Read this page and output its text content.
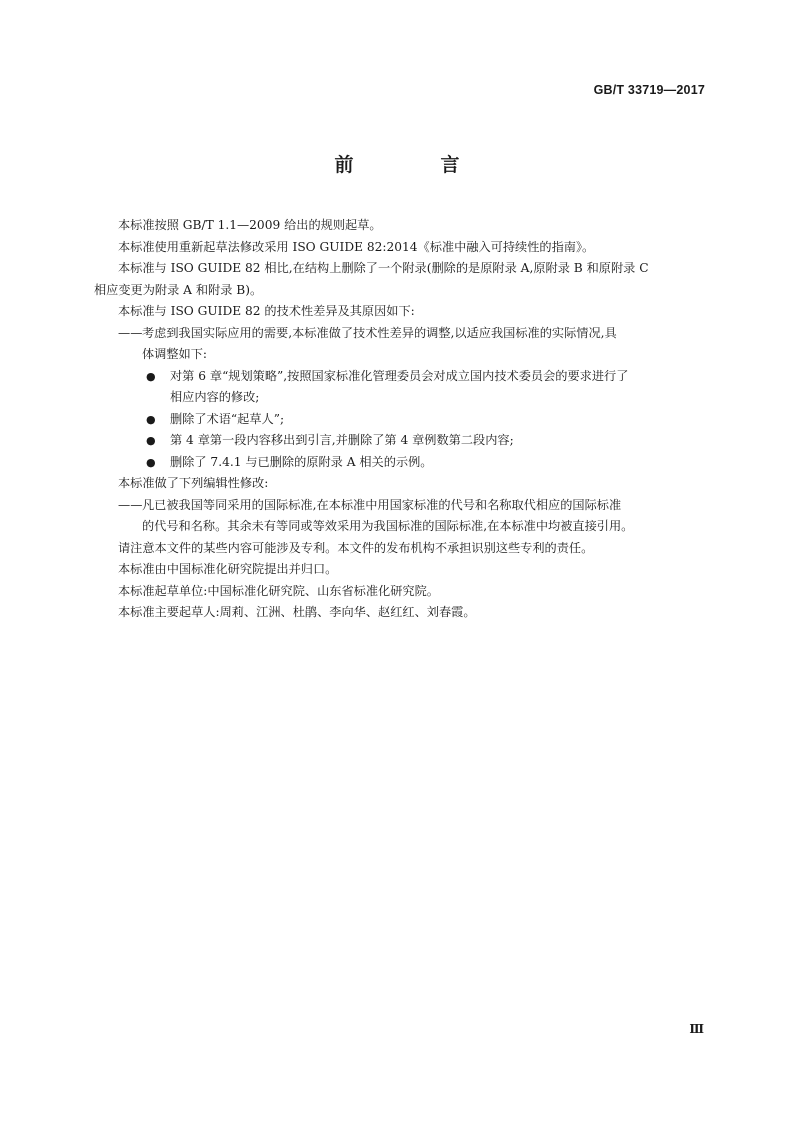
GB/T 33719—2017
前　言

本标准按照 GB/T 1.1—2009 给出的规则起草。

本标准使用重新起草法修改采用 ISO GUIDE 82:2014《标准中融入可持续性的指南》。

本标准与 ISO GUIDE 82 相比,在结构上删除了一个附录(删除的是原附录 A,原附录 B 和原附录 C

相应变更为附录 A 和附录 B)。

本标准与 ISO GUIDE 82 的技术性差异及其原因如下:

—— 考虑到我国实际应用的需要,本标准做了技术性差异的调整,以适应我国标准的实际情况,具
体调整如下:
● 对第 6 章“规划策略”,按照国家标准化管理委员会对成立国内技术委员会的要求进行了
相应内容的修改;
● 删除了术语“起草人”;
● 第 4 章第一段内容移出到引言,并删除了第 4 章例数第二段内容;
● 删除了 7.4.1 与已删除的原附录 A 相关的示例。

本标准做了下列编辑性修改:

—— 凡已被我国等同采用的国际标准,在本标准中用国家标准的代号和名称取代相应的国际标准
的代号和名称。其余未有等同或等效采用为我国标准的国际标准,在本标准中均被直接引用。

请注意本文件的某些内容可能涉及专利。本文件的发布机构不承担识别这些专利的责任。

本标准由中国标准化研究院提出并归口。

本标准起草单位:中国标准化研究院、山东省标准化研究院。

本标准主要起草人:周莉、江洲、杜鹃、李向华、赵红红、刘春霞。

Ⅲ
